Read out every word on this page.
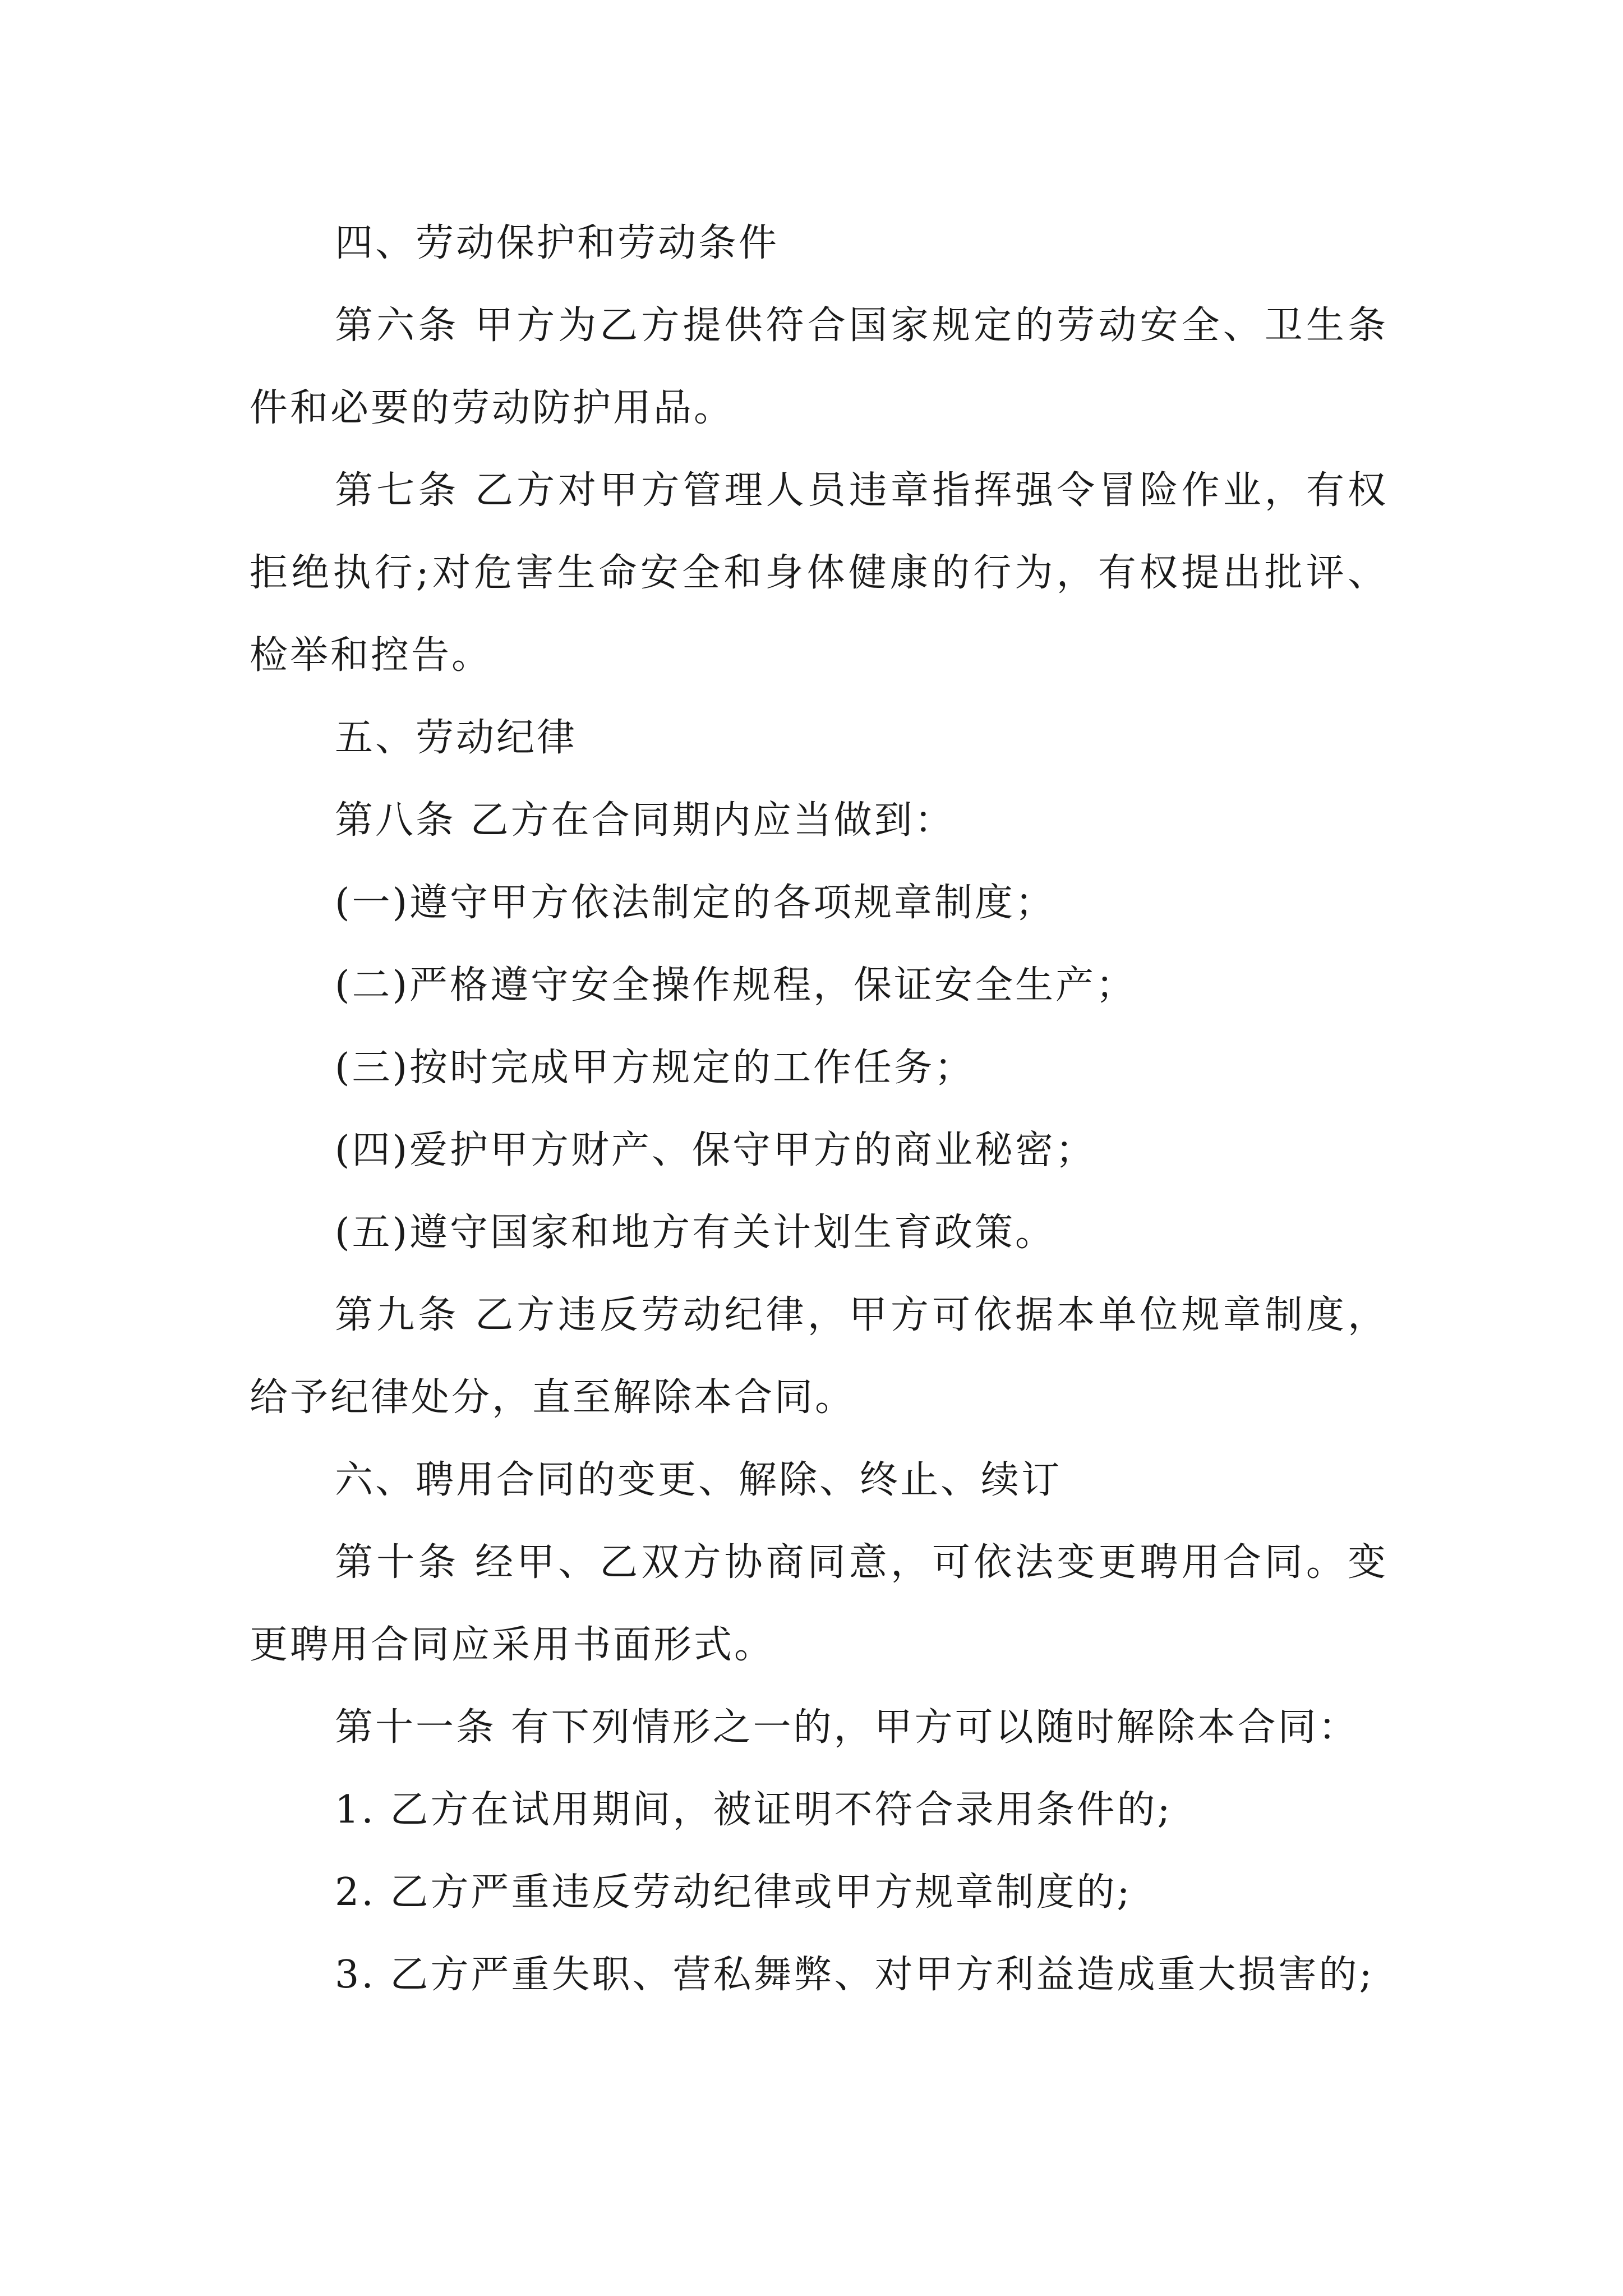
四、劳动保护和劳动条件

第六条 甲方为乙方提供符合国家规定的劳动安全、卫生条件和必要的劳动防护用品。

第七条 乙方对甲方管理人员违章指挥强令冒险作业，有权拒绝执行;对危害生命安全和身体健康的行为，有权提出批评、检举和控告。

五、劳动纪律

第八条 乙方在合同期内应当做到：

(一)遵守甲方依法制定的各项规章制度；

(二)严格遵守安全操作规程，保证安全生产；

(三)按时完成甲方规定的工作任务；

(四)爱护甲方财产、保守甲方的商业秘密；

(五)遵守国家和地方有关计划生育政策。

第九条 乙方违反劳动纪律，甲方可依据本单位规章制度，给予纪律处分，直至解除本合同。

六、聘用合同的变更、解除、终止、续订

第十条 经甲、乙双方协商同意，可依法变更聘用合同。变更聘用合同应采用书面形式。

第十一条 有下列情形之一的，甲方可以随时解除本合同：

1. 乙方在试用期间，被证明不符合录用条件的;

2. 乙方严重违反劳动纪律或甲方规章制度的;

3. 乙方严重失职、营私舞弊、对甲方利益造成重大损害的;
